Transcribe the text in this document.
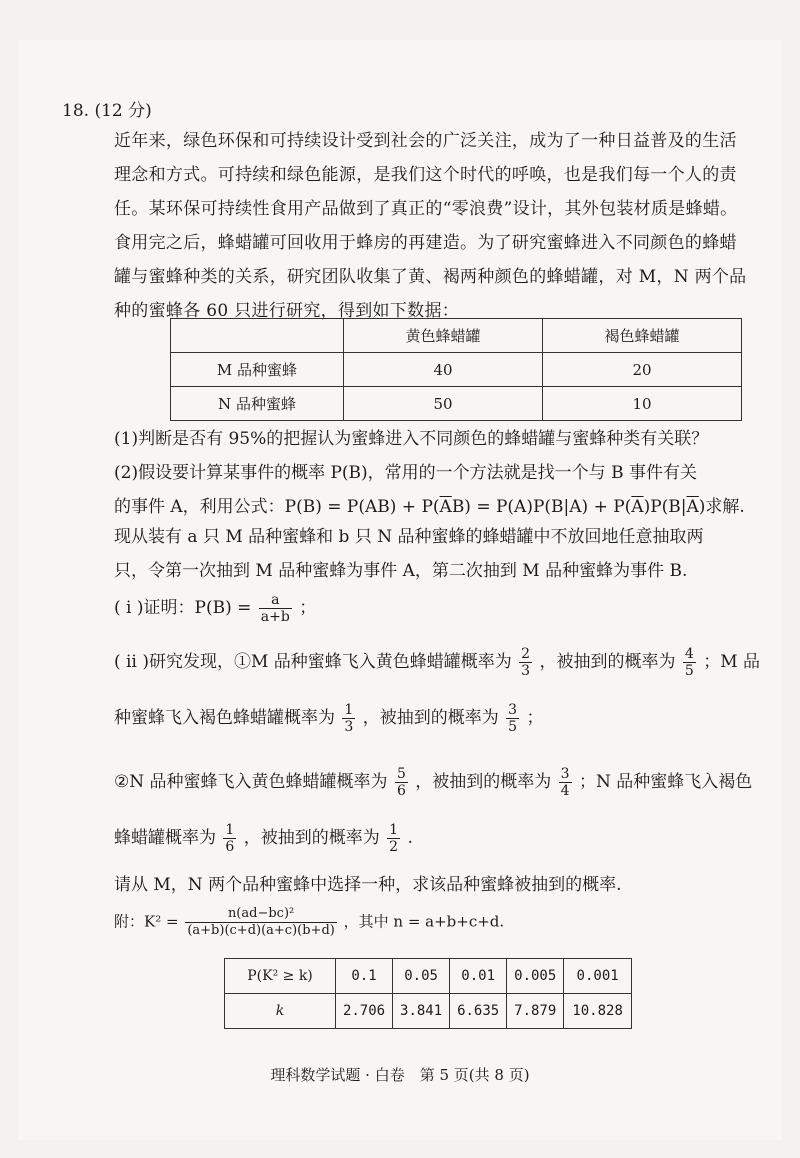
18. (12 分)
近年来，绿色环保和可持续设计受到社会的广泛关注，成为了一种日益普及的生活理念和方式。可持续和绿色能源，是我们这个时代的呼唤，也是我们每一个人的责任。某环保可持续性食用产品做到了真正的“零浪费”设计，其外包装材质是蜂蜡。食用完之后，蜂蜡罐可回收用于蜂房的再建造。为了研究蜜蜂进入不同颜色的蜂蜡罐与蜜蜂种类的关系，研究团队收集了黄、褐两种颜色的蜂蜡罐，对 M，N 两个品种的蜜蜂各 60 只进行研究，得到如下数据：
	黄色蜂蜡罐	褐色蜂蜡罐
M 品种蜜蜂	40	20
N 品种蜜蜂	50	10
(1)判断是否有 95%的把握认为蜜蜂进入不同颜色的蜂蜡罐与蜜蜂种类有关联？
(2)假设要计算某事件的概率 P(B)，常用的一个方法就是找一个与 B 事件有关
的事件 A，利用公式：$P(B) = P(AB) + P(\overline{A}B) = P(A)P(B|A) + P(\overline{A})P(B|\overline{A})$求解.
现从装有 a 只 M 品种蜜蜂和 b 只 N 品种蜜蜂的蜂蜡罐中不放回地任意抽取两
只，令第一次抽到 M 品种蜜蜂为事件 A，第二次抽到 M 品种蜜蜂为事件 B.
( ⅰ )证明：$P(B) = \frac{a}{a+b}$ ；
( ⅱ )研究发现，①M 品种蜜蜂飞入黄色蜂蜡罐概率为 $\frac{2}{3}$ ，被抽到的概率为 $\frac{4}{5}$ ；M 品
种蜜蜂飞入褐色蜂蜡罐概率为 $\frac{1}{3}$ ，被抽到的概率为 $\frac{3}{5}$ ；
②N 品种蜜蜂飞入黄色蜂蜡罐概率为 $\frac{5}{6}$ ，被抽到的概率为 $\frac{3}{4}$ ；N 品种蜜蜂飞入褐色
蜂蜡罐概率为 $\frac{1}{6}$ ，被抽到的概率为 $\frac{1}{2}$ .
请从 M，N 两个品种蜜蜂中选择一种，求该品种蜜蜂被抽到的概率.
附：$K^2 = \frac{\text{n(ad−bc)²}}{(a+b)(c+d)(a+c)(b+d)}$ ，其中 n = a+b+c+d.
P(K² ≥ k)	0.1	0.05	0.01	0.005	0.001
k	2.706	3.841	6.635	7.879	10.828
理科数学试题 · 白卷　第 5 页(共 8 页)
